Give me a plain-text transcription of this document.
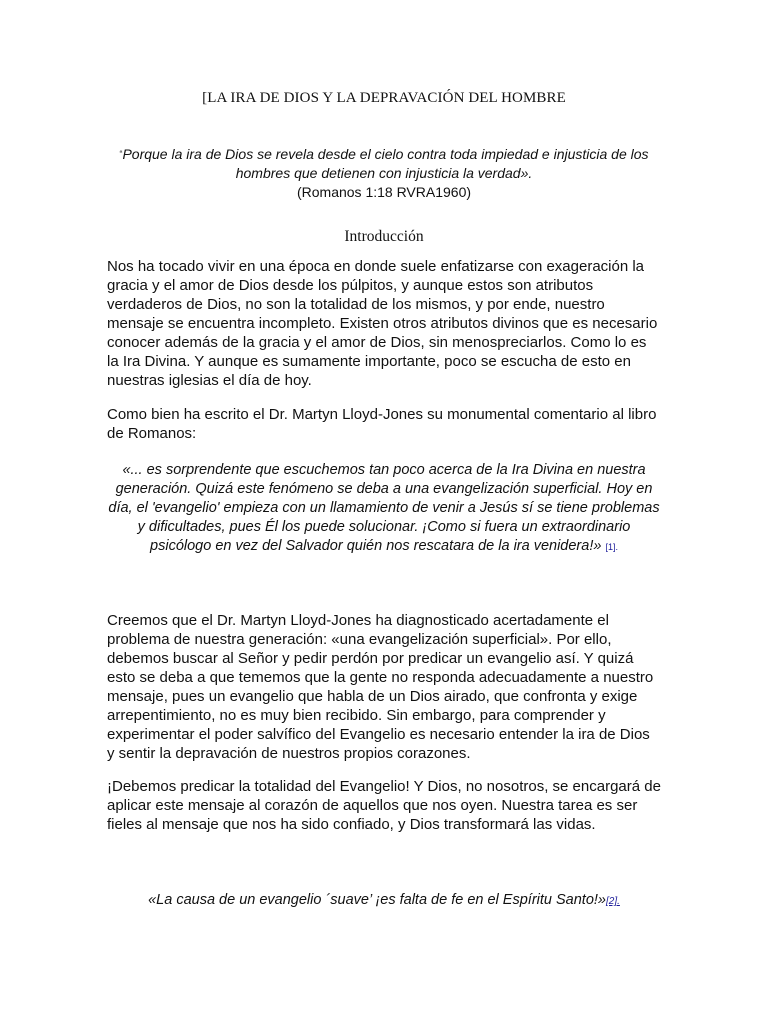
[LA IRA DE DIOS Y LA DEPRAVACIÓN DEL HOMBRE
“Porque la ira de Dios se revela desde el cielo contra toda impiedad e injusticia de los hombres que detienen con injusticia la verdad».
(Romanos 1:18 RVRA1960)
Introducción
Nos ha tocado vivir en una época en donde suele enfatizarse con exageración la gracia y el amor de Dios desde los púlpitos, y aunque estos son atributos verdaderos de Dios, no son la totalidad de los mismos, y por ende, nuestro mensaje se encuentra incompleto. Existen otros atributos divinos que es necesario conocer además de la gracia y el amor de Dios, sin menospreciarlos. Como lo es la Ira Divina. Y aunque es sumamente importante, poco se escucha de esto en nuestras iglesias el día de hoy.
Como bien ha escrito el Dr. Martyn Lloyd-Jones su monumental comentario al libro de Romanos:
«... es sorprendente que escuchemos tan poco acerca de la Ira Divina en nuestra generación. Quizá este fenómeno se deba a una evangelización superficial. Hoy en día, el 'evangelio' empieza con un llamamiento de venir a Jesús sí se tiene problemas y dificultades, pues Él los puede solucionar. ¡Como si fuera un extraordinario psicólogo en vez del Salvador quién nos rescatara de la ira venidera!» [1].
Creemos que el Dr. Martyn Lloyd-Jones ha diagnosticado acertadamente el problema de nuestra generación: «una evangelización superficial». Por ello, debemos buscar al Señor y pedir perdón por predicar un evangelio así. Y quizá esto se deba a que tememos que la gente no responda adecuadamente a nuestro mensaje, pues un evangelio que habla de un Dios airado, que confronta y exige arrepentimiento, no es muy bien recibido. Sin embargo, para comprender y experimentar el poder salvífico del Evangelio es necesario entender la ira de Dios y sentir la depravación de nuestros propios corazones.
¡Debemos predicar la totalidad del Evangelio! Y Dios, no nosotros, se encargará de aplicar este mensaje al corazón de aquellos que nos oyen. Nuestra tarea es ser fieles al mensaje que nos ha sido confiado, y Dios transformará las vidas.
«La causa de un evangelio ´suave’ ¡es falta de fe en el Espíritu Santo!»[2].
